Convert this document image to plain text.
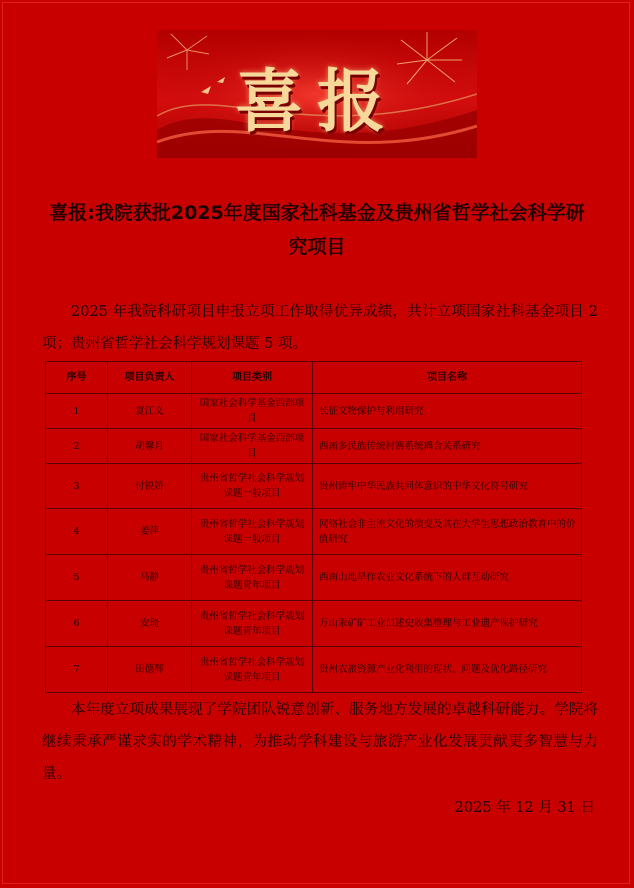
喜报
喜报:我院获批2025年度国家社科基金及贵州省哲学社会科学研究项目
2025 年我院科研项目申报立项工作取得优异成绩，共计立项国家社科基金项目 2 项；贵州省哲学社会科学规划课题 5 项。
序号	项目负责人	项目类别	项目名称
1	夏江义	国家社会科学基金西部项目	长征文物保护与利用研究
2	胡馨月	国家社会科学基金西部项目	西南多民族传统村寨系统耦合关系研究
3	付锐娇	贵州省哲学社会科学规划课题一般项目	贵州铸牢中华民族共同体意识的中华文化符号研究
4	姜萍	贵州省哲学社会科学规划课题一般项目	网络社会非主流文化的演变及其在大学生思想政治教育中的价值研究
5	马静	贵州省哲学社会科学规划课题青年项目	西南山地旱作农业文化系统下的人群互动研究
6	安琦	贵州省哲学社会科学规划课题青年项目	万山汞矿矿工业口述史收集整理与工业遗产保护研究
7	田德辉	贵州省哲学社会科学规划课题青年项目	贵州农旅资源产业化利用的现状、问题及优化路径研究
本年度立项成果展现了学院团队锐意创新、服务地方发展的卓越科研能力。学院将继续秉承严谨求实的学术精神，为推动学科建设与旅游产业化发展贡献更多智慧与力量。
2025 年 12 月 31 日
